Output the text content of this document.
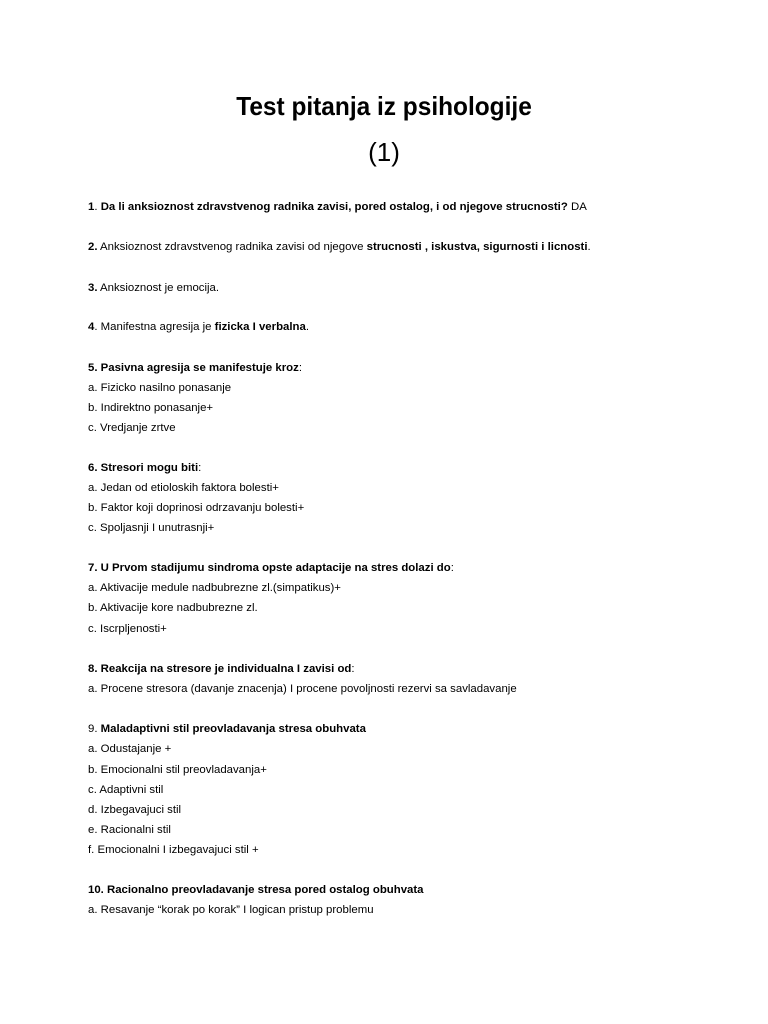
Test pitanja iz psihologije
(1)
1. Da li anksioznost zdravstvenog radnika zavisi, pored ostalog, i od njegove strucnosti? DA
2. Anksioznost zdravstvenog radnika zavisi od njegove strucnosti , iskustva, sigurnosti i licnosti.
3. Anksioznost je emocija.
4. Manifestna agresija je fizicka I verbalna.
5. Pasivna agresija se manifestuje kroz:
a. Fizicko nasilno ponasanje
b. Indirektno ponasanje+
c. Vredjanje zrtve
6. Stresori mogu biti:
a. Jedan od etioloskih faktora bolesti+
b. Faktor koji doprinosi odrzavanju bolesti+
c. Spoljasnji I unutrasnji+
7. U Prvom stadijumu sindroma opste adaptacije na stres dolazi do:
a. Aktivacije medule nadbubrezne zl.(simpatikus)+
b. Aktivacije kore nadbubrezne zl.
c. Iscrpljenosti+
8. Reakcija na stresore je individualna I zavisi od:
a. Procene stresora (davanje znacenja) I procene povoljnosti rezervi sa savladavanje
9. Maladaptivni stil preovladavanja stresa obuhvata
a. Odustajanje +
b. Emocionalni stil preovladavanja+
c. Adaptivni stil
d. Izbegavajuci stil
e. Racionalni stil
f. Emocionalni I izbegavajuci stil +
10. Racionalno preovladavanje stresa pored ostalog obuhvata
a. Resavanje “korak po korak” I logican pristup problemu
